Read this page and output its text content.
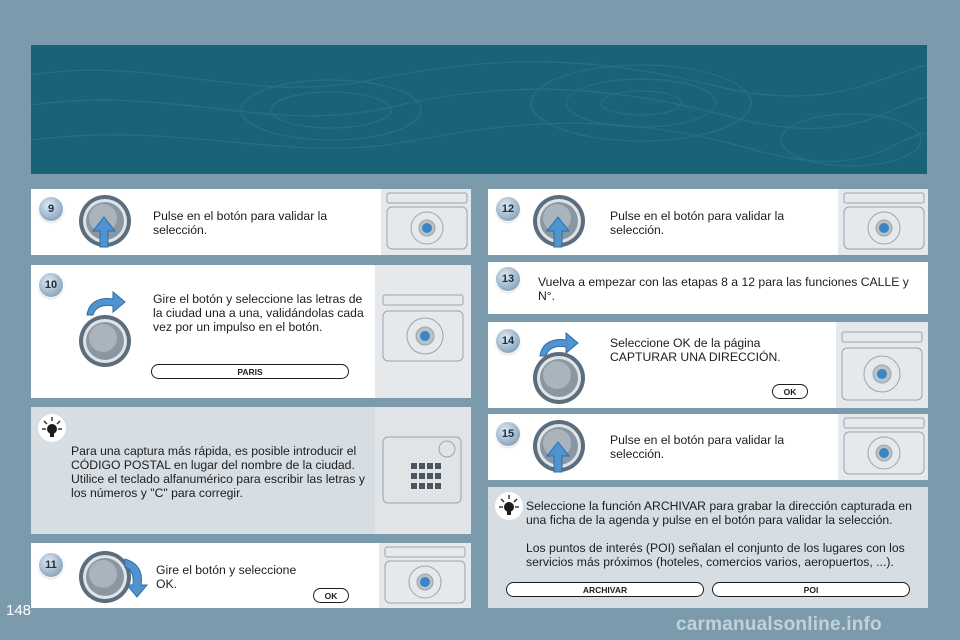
9	Pulse en el botón para validar la selección.
10
Gire el botón y seleccione las letras de la ciudad una a una, validándolas cada vez por un impulso en el botón.
PARIS
Para una captura más rápida, es posible introducir el CÓDIGO POSTAL en lugar del nombre de la ciudad. Utilice el teclado alfanumérico para escribir las letras y los números y "C" para corregir.
11	Gire el botón y seleccione OK.
OK
12	Pulse en el botón para validar la selección.
13 Vuelva a empezar con las etapas 8 a 12 para las funciones CALLE y N°.
14	Seleccione OK de la página CAPTURAR UNA DIRECCIÓN.
OK
15	Pulse en el botón para validar la selección.
Seleccione la función ARCHIVAR para grabar la dirección capturada en una ficha de la agenda y pulse en el botón para validar la selección.
Los puntos de interés (POI) señalan el conjunto de los lugares con los servicios más próximos (hoteles, comercios varios, aeropuertos, ...).
ARCHIVAR	POI
148
carmanualsonline.info
